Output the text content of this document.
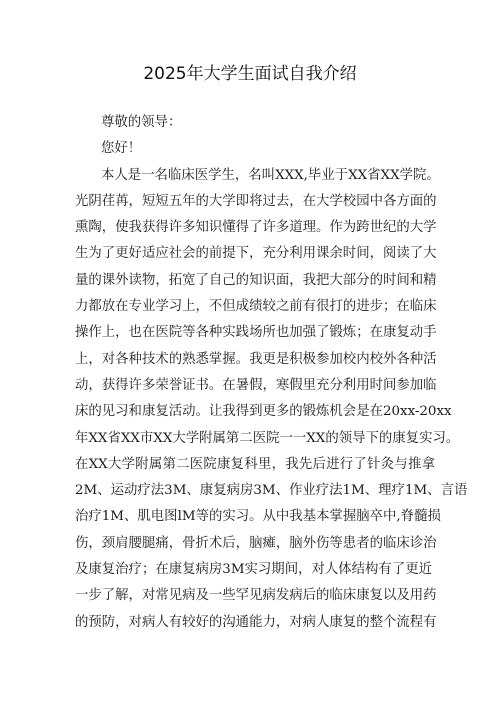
2025年大学生面试自我介绍
尊敬的领导：
您好！
本人是一名临床医学生，名叫XXX,毕业于XX省XX学院。
光阴荏苒，短短五年的大学即将过去，在大学校园中各方面的
熏陶，使我获得许多知识懂得了许多道理。作为跨世纪的大学
生为了更好适应社会的前提下，充分利用课余时间，阅读了大
量的课外读物，拓宽了自己的知识面，我把大部分的时间和精
力都放在专业学习上，不但成绩较之前有很打的进步；在临床
操作上，也在医院等各种实践场所也加强了锻炼；在康复动手
上，对各种技术的熟悉掌握。我更是积极参加校内校外各种活
动，获得许多荣誉证书。在暑假，寒假里充分利用时间参加临
床的见习和康复活动。让我得到更多的锻炼机会是在20xx-20xx
年XX省XX市XX大学附属第二医院一一XX的领导下的康复实习。
在XX大学附属第二医院康复科里，我先后进行了针灸与推拿
2M、运动疗法3M、康复病房3M、作业疗法1M、理疗1M、言语
治疗1M、肌电图lM等的实习。从中我基本掌握脑卒中,脊髓损
伤，颈肩腰腿痛，骨折术后，脑瘫，脑外伤等患者的临床诊治
及康复治疗；在康复病房3M实习期间，对人体结构有了更近
一步了解，对常见病及一些罕见病发病后的临床康复以及用药
的预防，对病人有较好的沟通能力，对病人康复的整个流程有
